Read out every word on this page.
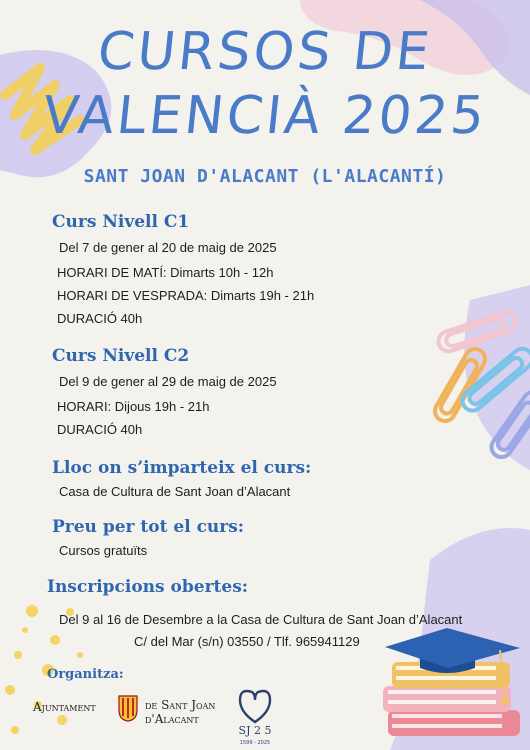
CURSOS DE
VALENCIÀ 2025
SANT JOAN D'ALACANT (L'ALACANTÍ)
Curs Nivell C1
Del 7 de gener al 20 de maig de 2025
HORARI DE MATÍ: Dimarts 10h - 12h
HORARI DE VESPRADA: Dimarts 19h - 21h
DURACIÓ 40h
Curs Nivell C2
Del 9 de gener al 29 de maig de 2025
HORARI: Dijous 19h - 21h
DURACIÓ 40h
Lloc on s’imparteix el curs:
Casa de Cultura de Sant Joan d’Alacant
Preu per tot el curs:
Cursos gratuïts
Inscripcions obertes:
Del 9 al 16 de Desembre a la Casa de Cultura de Sant Joan d’Alacant
C/ del Mar (s/n) 03550 / Tlf. 965941129
Organitza:
Ajuntament	de Sant Joan
d'Alacant
SJ 2 5
1599 - 2025
